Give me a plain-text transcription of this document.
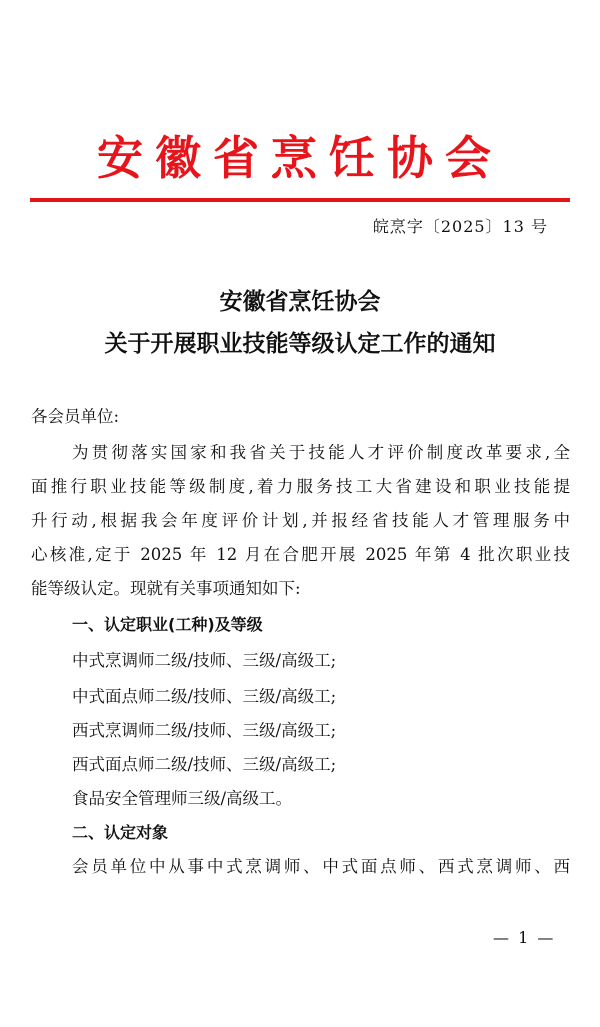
安徽省烹饪协会
皖烹字〔2025〕13 号
安徽省烹饪协会
关于开展职业技能等级认定工作的通知
各会员单位:
为贯彻落实国家和我省关于技能人才评价制度改革要求,全
面推行职业技能等级制度,着力服务技工大省建设和职业技能提
升行动,根据我会年度评价计划,并报经省技能人才管理服务中
心核准,定于 2025 年 12 月在合肥开展 2025 年第 4 批次职业技
能等级认定。现就有关事项通知如下:
一、认定职业(工种)及等级
中式烹调师二级/技师、三级/高级工;
中式面点师二级/技师、三级/高级工;
西式烹调师二级/技师、三级/高级工;
西式面点师二级/技师、三级/高级工;
食品安全管理师三级/高级工。
二、认定对象
会员单位中从事中式烹调师、中式面点师、西式烹调师、西
— 1 —
